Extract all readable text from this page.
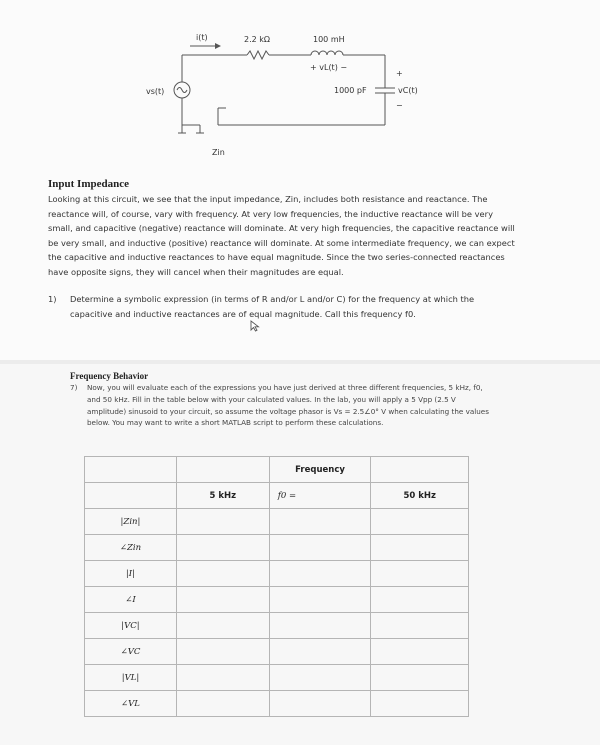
i(t)	2.2 kΩ	100 mH
+ vL(t) −
vs(t)	1000 pF	vC(t)
+
−
Zin
Input Impedance

Looking at this circuit, we see that the input impedance, Zin, includes both resistance and reactance. The reactance will, of course, vary with frequency. At very low frequencies, the inductive reactance will be very small, and capacitive (negative) reactance will dominate. At very high frequencies, the capacitive reactance will be very small, and inductive (positive) reactance will dominate. At some intermediate frequency, we can expect the capacitive and inductive reactances to have equal magnitude. Since the two series-connected reactances have opposite signs, they will cancel when their magnitudes are equal.

1) Determine a symbolic expression (in terms of R and/or L and/or C) for the frequency at which the capacitive and inductive reactances are of equal magnitude. Call this frequency f0.
Frequency Behavior
7) Now, you will evaluate each of the expressions you have just derived at three different frequencies, 5 kHz, f0, and 50 kHz. Fill in the table below with your calculated values. In the lab, you will apply a 5 Vpp (2.5 V amplitude) sinusoid to your circuit, so assume the voltage phasor is Vs = 2.5∠0° V when calculating the values below. You may want to write a short MATLAB script to perform these calculations.
		Frequency	
	5 kHz	f0 =	50 kHz
|Zin|			
∠Zin			
|I|			
∠I			
|VC|			
∠VC			
|VL|			
∠VL			
